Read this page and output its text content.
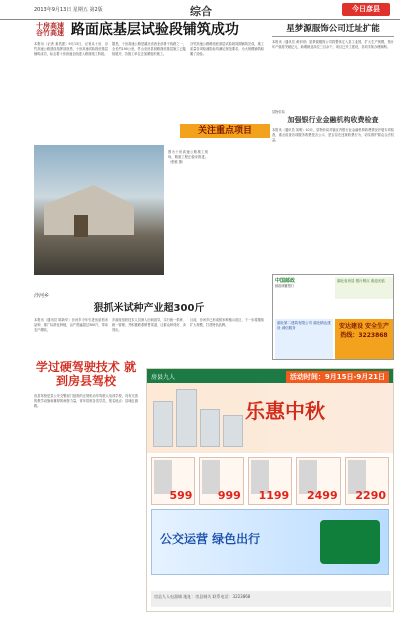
2013年9月13日 星期五 第2版	综合	今日彦县
十房高速 谷竹高速 路面底基层试验段铺筑成功
本报讯（记者 姜昌建）9月13日，记者从十房、谷竹高速公路建设指挥部获悉，十房高速试验段底基层铺筑成功，标志着十房高速全面进入路面施工阶段。
据悉，十房高速公路是湖北省西北部骨干线路之一，全长约190公里，竹山至房县段路面底基层施工已陆续展开，各施工单位正加紧组织施工。
谷竹高速公路路面底基层试验段同期铺筑完成，施工质量各项检测指标均满足规范要求，为大规模铺筑积累了经验。
关注重点项目
图为十房高速公路施工现场，路面工程正稳步推进。（张敏 摄）
星梦源服饰公司迁址扩能
本报讯（通讯员 黄东明）星梦源服饰公司将整体迁入县工业园，扩大生产规模，预计年产值将突破亿元，新增就业岗位三百余个，项目已开工建设，各项手续办理顺利。
县物价局
加强银行业金融机构收费检查
本报讯（通讯员 刘明）10月，县物价局对辖区内银行业金融机构收费情况开展专项检查，重点检查各项服务收费是否公示、是否存在违规收费行为，切实维护群众合法权益。
沙河乡
狠抓米试种产业超300斤
本报讯（通讯员 陈新华）沙河乡今年引进优质稻米品种，推广标准化种植，亩产普遍超过300斤，带动农户增收。
乡政府组织技术人员深入田间指导，实行统一供种、统一管理，并积极联系销售渠道，让群众种得好、卖得出。
目前，沙河乡已形成稻米种植示范区，下一步将继续扩大规模，打造特色品牌。
中国邮政
邮政储蓄银行
湖北省房县 银行网点 欢迎光临
湖北第二建筑有限公司 湖北精达建设 诚信服务	安达建设 安全生产 热线：3223868
学过硬驾驶技术 就到房县驾校
房县驾校是县公安交警部门批准的正规机动车驾驶人培训学校，具有完善的教学设施和雄厚的师资力量，常年招收各类学员。报名地点：县城红旗路。
房县九人	活动时间：9月15日-9月21日
乐惠中秋
599 999 1199 2499 2290
公交运营 绿色出行
房县九人电器城 地址：房县城关 联系电话：3223868
